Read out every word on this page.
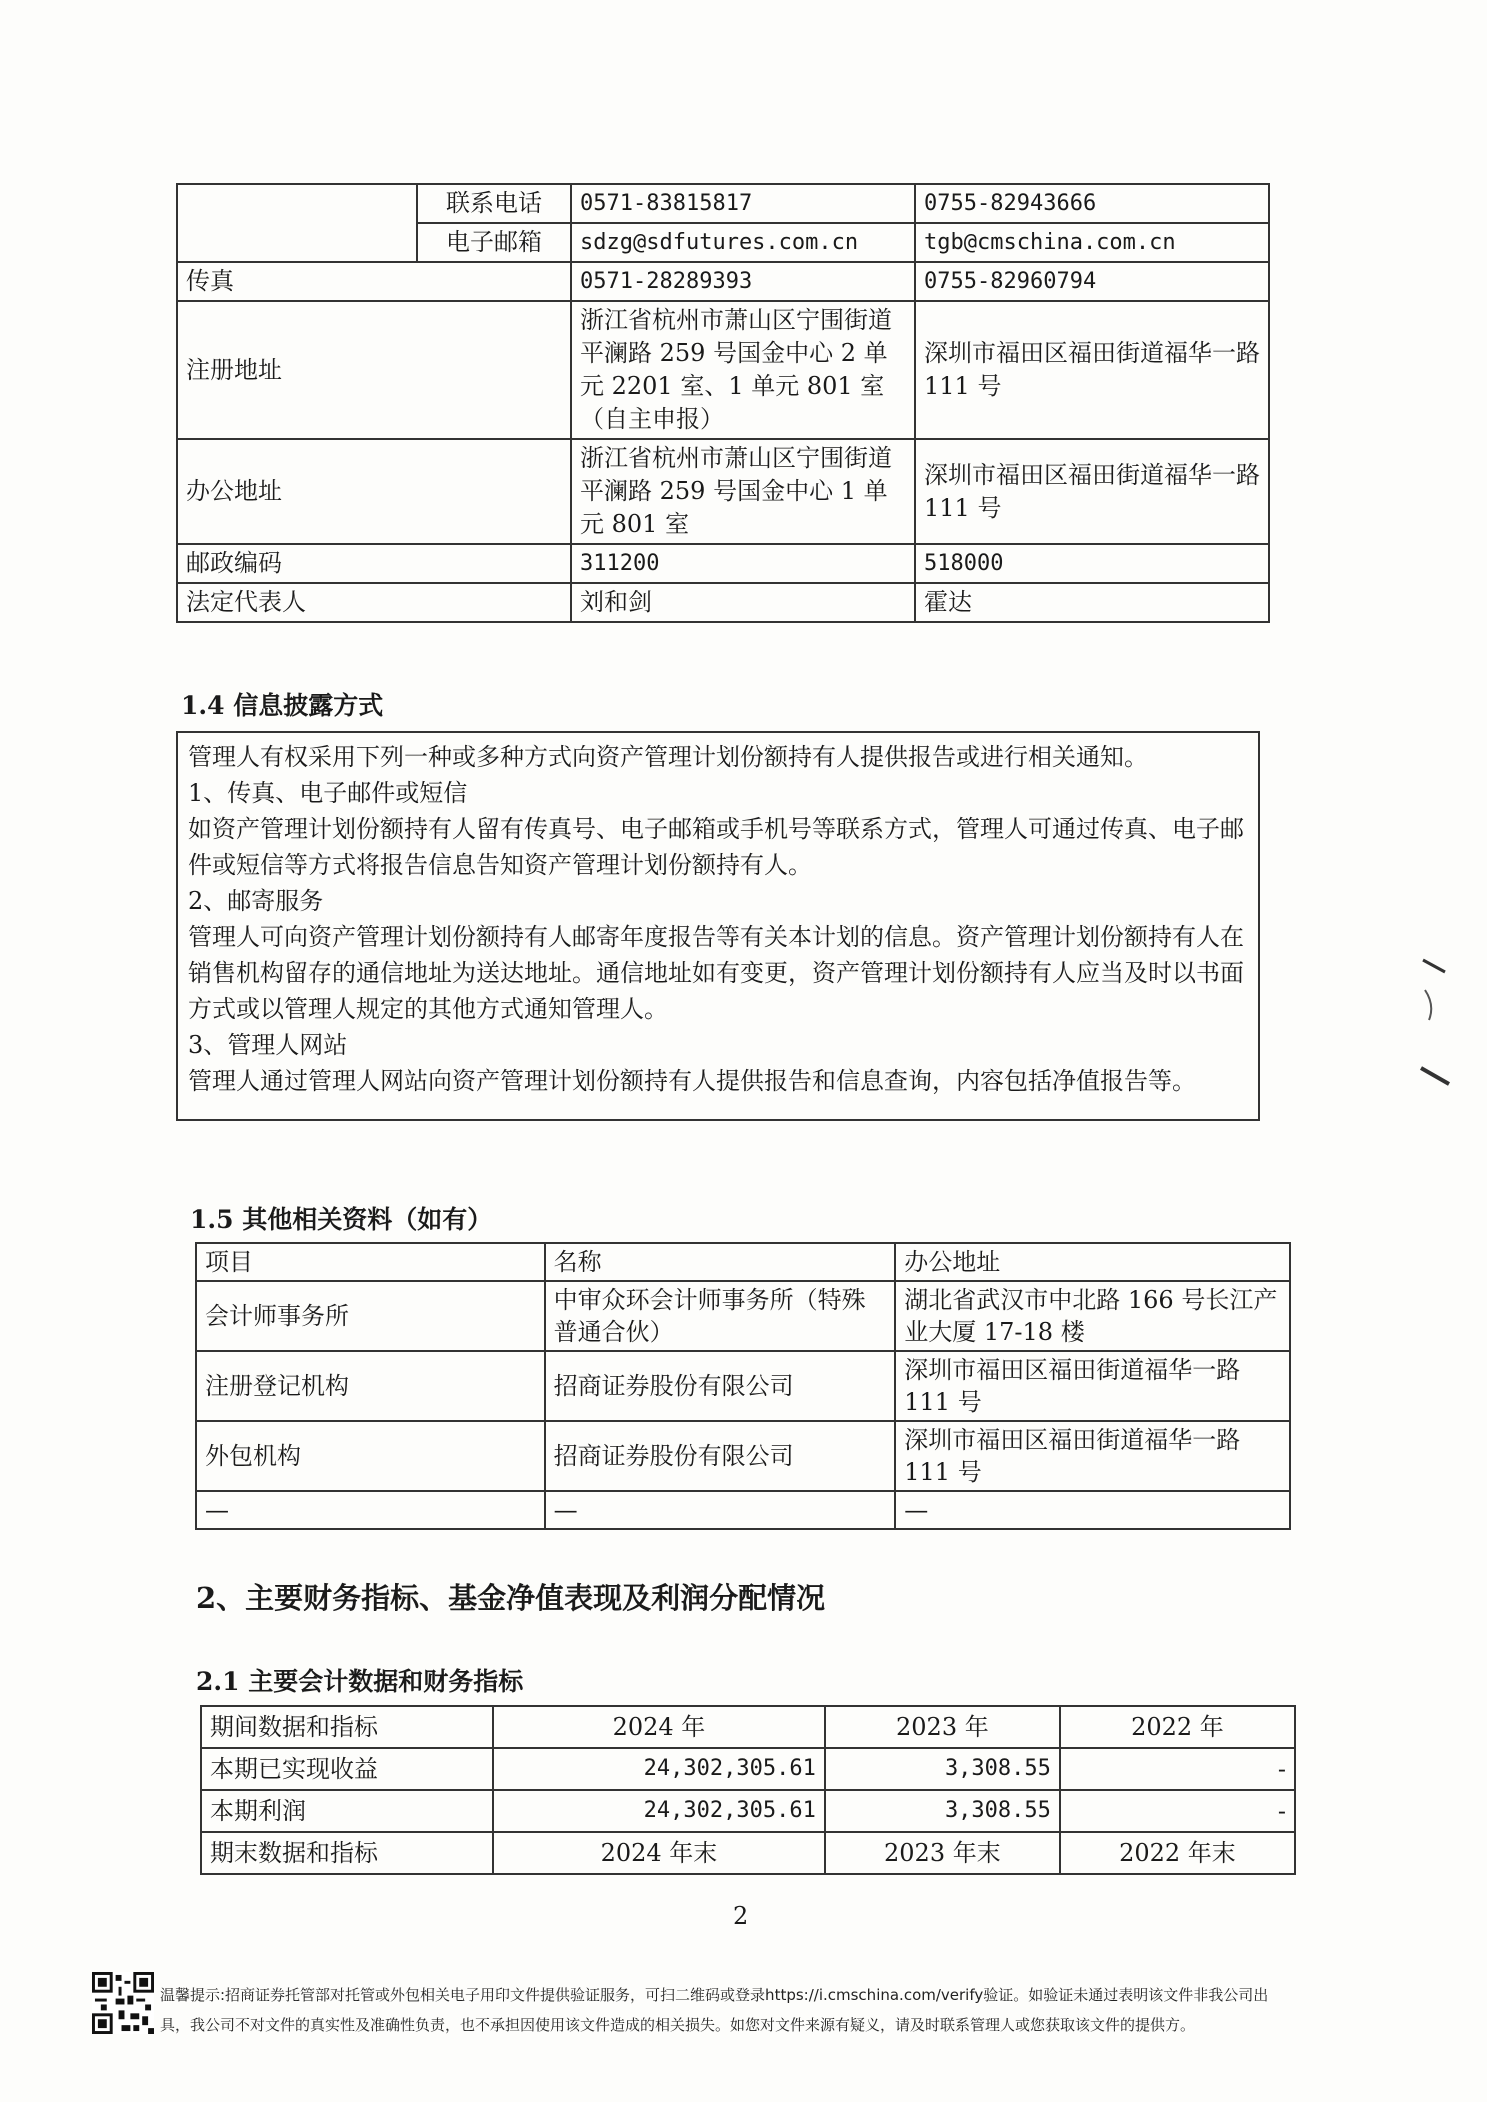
	联系电话	0571-83815817	0755-82943666
	电子邮箱	sdzg@sdfutures.com.cn	tgb@cmschina.com.cn
传真		0571-28289393	0755-82960794
注册地址		浙江省杭州市萧山区宁围街道平澜路 259 号国金中心 2 单元 2201 室、1 单元 801 室（自主申报）	深圳市福田区福田街道福华一路 111 号
办公地址		浙江省杭州市萧山区宁围街道平澜路 259 号国金中心 1 单元 801 室	深圳市福田区福田街道福华一路 111 号
邮政编码		311200	518000
法定代表人		刘和剑	霍达
1.4 信息披露方式

管理人有权采用下列一种或多种方式向资产管理计划份额持有人提供报告或进行相关通知。

1、传真、电子邮件或短信

如资产管理计划份额持有人留有传真号、电子邮箱或手机号等联系方式，管理人可通过传真、电子邮件或短信等方式将报告信息告知资产管理计划份额持有人。

2、邮寄服务

管理人可向资产管理计划份额持有人邮寄年度报告等有关本计划的信息。资产管理计划份额持有人在销售机构留存的通信地址为送达地址。通信地址如有变更，资产管理计划份额持有人应当及时以书面方式或以管理人规定的其他方式通知管理人。

3、管理人网站

管理人通过管理人网站向资产管理计划份额持有人提供报告和信息查询，内容包括净值报告等。

1.5 其他相关资料（如有）
项目	名称	办公地址
会计师事务所	中审众环会计师事务所（特殊普通合伙）	湖北省武汉市中北路 166 号长江产业大厦 17-18 楼
注册登记机构	招商证券股份有限公司	深圳市福田区福田街道福华一路 111 号
外包机构	招商证券股份有限公司	深圳市福田区福田街道福华一路 111 号
—	—	—
2、主要财务指标、基金净值表现及利润分配情况
2.1 主要会计数据和财务指标
期间数据和指标	2024 年	2023 年	2022 年
本期已实现收益	24,302,305.61	3,308.55	-
本期利润	24,302,305.61	3,308.55	-
期末数据和指标	2024 年末	2023 年末	2022 年末
2
温馨提示:招商证券托管部对托管或外包相关电子用印文件提供验证服务，可扫二维码或登录https://i.cmschina.com/verify验证。如验证未通过表明该文件非我公司出
具，我公司不对文件的真实性及准确性负责，也不承担因使用该文件造成的相关损失。如您对文件来源有疑义，请及时联系管理人或您获取该文件的提供方。
